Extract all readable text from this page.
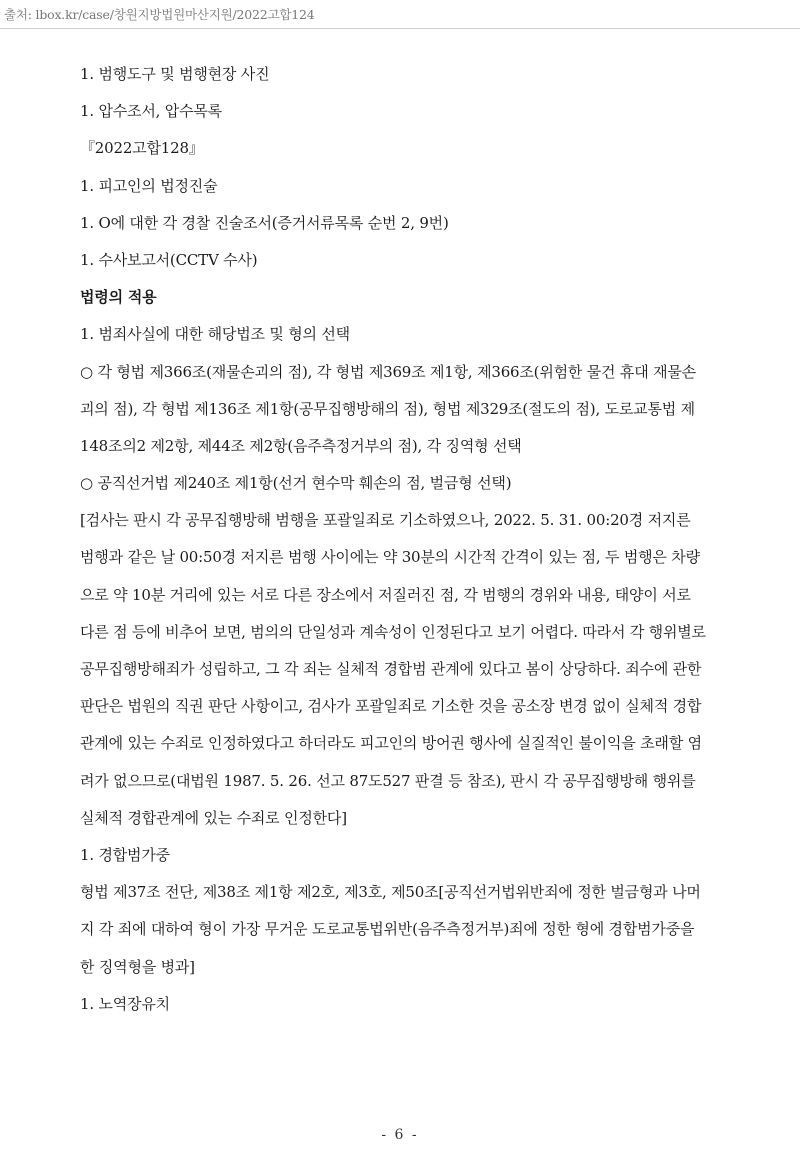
출처: lbox.kr/case/창원지방법원마산지원/2022고합124
1. 범행도구 및 범행현장 사진
1. 압수조서, 압수목록
『2022고합128』
1. 피고인의 법정진술
1. O에 대한 각 경찰 진술조서(증거서류목록 순번 2, 9번)
1. 수사보고서(CCTV 수사)
법령의 적용
1. 범죄사실에 대한 해당법조 및 형의 선택
○ 각 형법 제366조(재물손괴의 점), 각 형법 제369조 제1항, 제366조(위험한 물건 휴대 재물손
괴의 점), 각 형법 제136조 제1항(공무집행방해의 점), 형법 제329조(절도의 점), 도로교통법 제
148조의2 제2항, 제44조 제2항(음주측정거부의 점), 각 징역형 선택
○ 공직선거법 제240조 제1항(선거 현수막 훼손의 점, 벌금형 선택)
[검사는 판시 각 공무집행방해 범행을 포괄일죄로 기소하였으나, 2022. 5. 31. 00:20경 저지른
범행과 같은 날 00:50경 저지른 범행 사이에는 약 30분의 시간적 간격이 있는 점, 두 범행은 차량
으로 약 10분 거리에 있는 서로 다른 장소에서 저질러진 점, 각 범행의 경위와 내용, 태양이 서로
다른 점 등에 비추어 보면, 범의의 단일성과 계속성이 인정된다고 보기 어렵다. 따라서 각 행위별로
공무집행방해죄가 성립하고, 그 각 죄는 실체적 경합범 관계에 있다고 봄이 상당하다. 죄수에 관한
판단은 법원의 직권 판단 사항이고, 검사가 포괄일죄로 기소한 것을 공소장 변경 없이 실체적 경합
관계에 있는 수죄로 인정하였다고 하더라도 피고인의 방어권 행사에 실질적인 불이익을 초래할 염
려가 없으므로(대법원 1987. 5. 26. 선고 87도527 판결 등 참조), 판시 각 공무집행방해 행위를
실체적 경합관계에 있는 수죄로 인정한다]
1. 경합범가중
형법 제37조 전단, 제38조 제1항 제2호, 제3호, 제50조[공직선거법위반죄에 정한 벌금형과 나머
지 각 죄에 대하여 형이 가장 무거운 도로교통법위반(음주측정거부)죄에 정한 형에 경합범가중을
한 징역형을 병과]
1. 노역장유치
- 6 -
